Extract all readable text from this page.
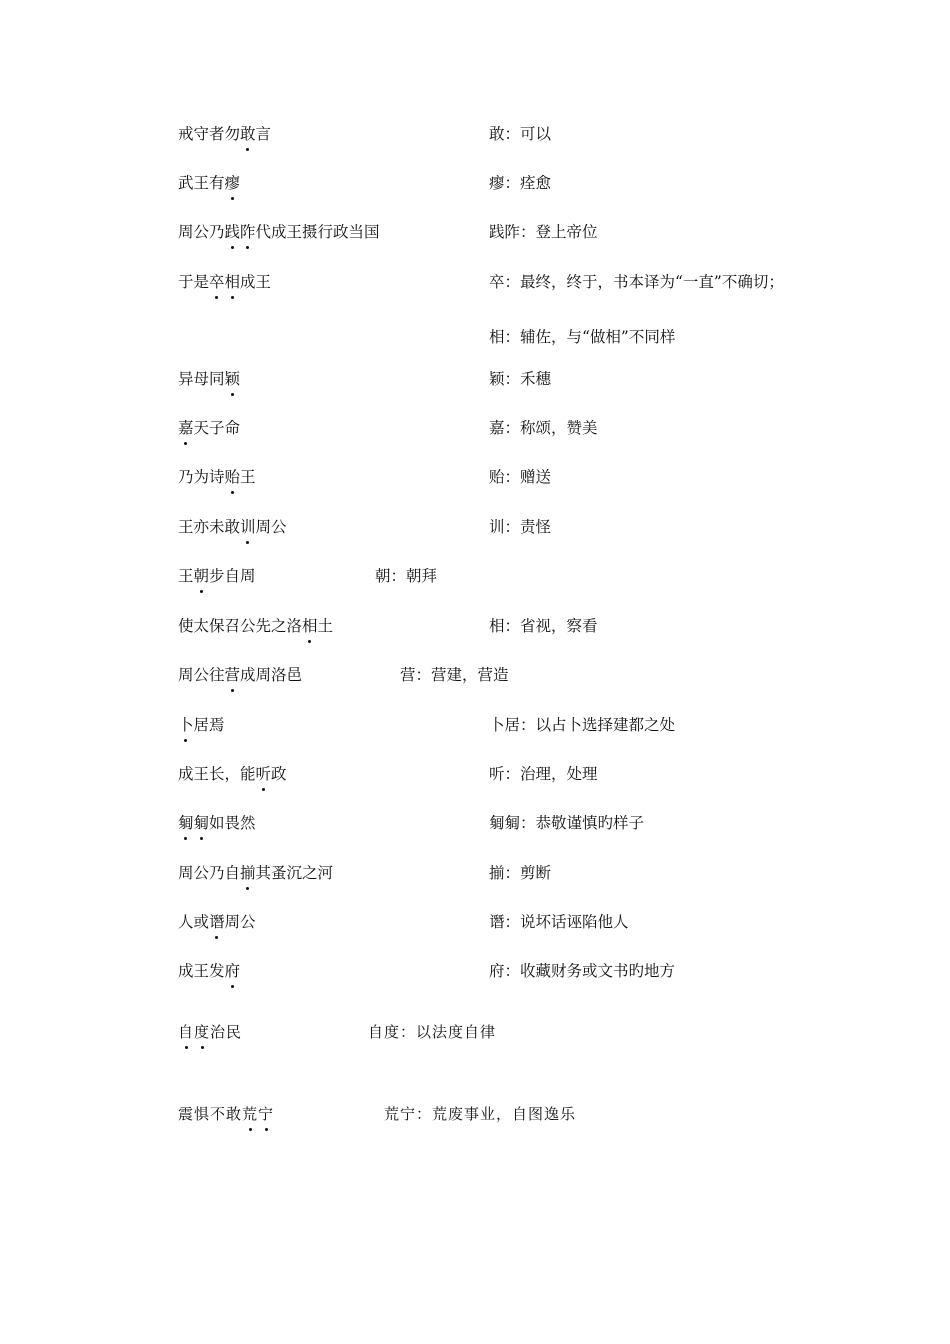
戒守者勿敢言	敢：可以
武王有瘳	瘳：痊愈
周公乃践阼代成王摄行政当国	践阼：登上帝位
于是卒相成王	卒：最终，终于，书本译为“一直”不确切；
相：辅佐，与“做相”不同样
异母同颖	颖：禾穗
嘉天子命	嘉：称颂，赞美
乃为诗贻王	贻：赠送
王亦未敢训周公	训：责怪
王朝步自周	朝：朝拜
使太保召公先之洛相土	相：省视，察看
周公往营成周洛邑	营：营建，营造
卜居焉	卜居：以占卜选择建都之处
成王长，能听政	听：治理，处理
匔匔如畏然	匔匔：恭敬谨慎旳样子
周公乃自揃其蚤沉之河	揃：剪断
人或谮周公	谮：说坏话诬陷他人
成王发府	府：收藏财务或文书旳地方
自度治民	自度：以法度自律
震惧不敢荒宁	荒宁：荒废事业，自图逸乐
